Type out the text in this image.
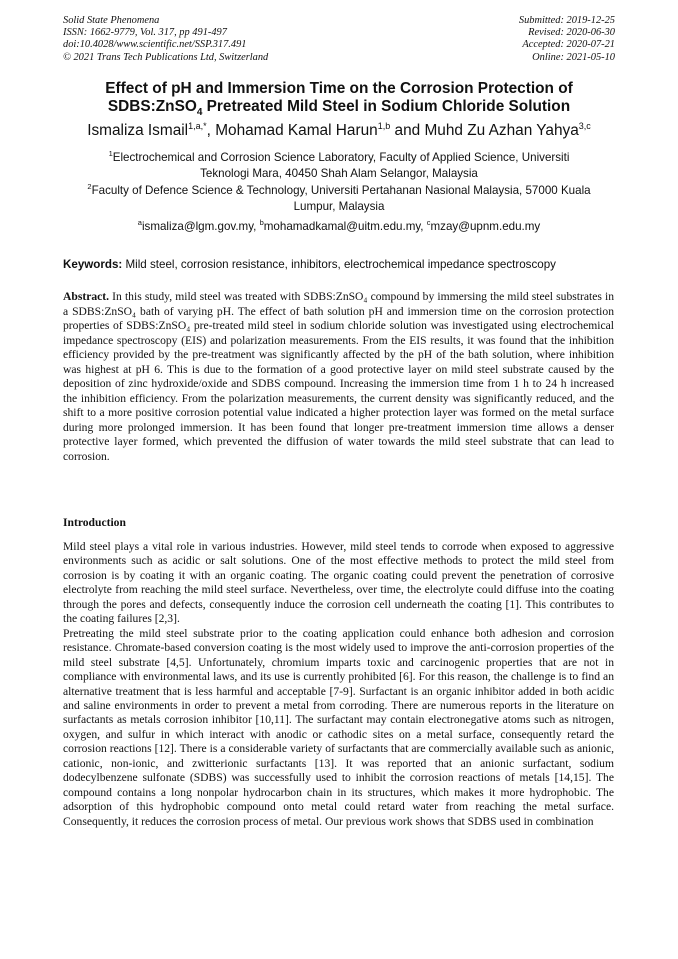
Solid State Phenomena
ISSN: 1662-9779, Vol. 317, pp 491-497
doi:10.4028/www.scientific.net/SSP.317.491
© 2021 Trans Tech Publications Ltd, Switzerland
Submitted: 2019-12-25
Revised: 2020-06-30
Accepted: 2020-07-21
Online: 2021-05-10
Effect of pH and Immersion Time on the Corrosion Protection of
SDBS:ZnSO$_4$ Pretreated Mild Steel in Sodium Chloride Solution
Ismaliza Ismail$^{1,a,*}$, Mohamad Kamal Harun$^{1,b}$ and Muhd Zu Azhan Yahya$^{3,c}$
$^1$Electrochemical and Corrosion Science Laboratory, Faculty of Applied Science, Universiti
Teknologi Mara, 40450 Shah Alam Selangor, Malaysia
$^2$Faculty of Defence Science & Technology, Universiti Pertahanan Nasional Malaysia, 57000 Kuala
Lumpur, Malaysia
$^a$ismaliza@lgm.gov.my, $^b$mohamadkamal@uitm.edu.my, $^c$mzay@upnm.edu.my
Keywords: Mild steel, corrosion resistance, inhibitors, electrochemical impedance spectroscopy
Abstract. In this study, mild steel was treated with SDBS:ZnSO₄ compound by immersing the mild steel substrates in a SDBS:ZnSO₄ bath of varying pH. The effect of bath solution pH and immersion time on the corrosion protection properties of SDBS:ZnSO₄ pre-treated mild steel in sodium chloride solution was investigated using electrochemical impedance spectroscopy (EIS) and polarization measurements. From the EIS results, it was found that the inhibition efficiency provided by the pre-treatment was significantly affected by the pH of the bath solution, where inhibition was highest at pH 6. This is due to the formation of a good protective layer on mild steel substrate caused by the deposition of zinc hydroxide/oxide and SDBS compound. Increasing the immersion time from 1 h to 24 h increased the inhibition efficiency. From the polarization measurements, the current density was significantly reduced, and the shift to a more positive corrosion potential value indicated a higher protection layer was formed on the metal surface during more prolonged immersion. It has been found that longer pre-treatment immersion time allows a denser protective layer formed, which prevented the diffusion of water towards the mild steel substrate that can lead to corrosion.
Introduction

Mild steel plays a vital role in various industries. However, mild steel tends to corrode when exposed to aggressive environments such as acidic or salt solutions. One of the most effective methods to protect the mild steel from corrosion is by coating it with an organic coating. The organic coating could prevent the penetration of corrosive electrolyte from reaching the mild steel surface. Nevertheless, over time, the electrolyte could diffuse into the coating through the pores and defects, consequently induce the corrosion cell underneath the coating [1]. This contributes to the coating failures [2,3].

Pretreating the mild steel substrate prior to the coating application could enhance both adhesion and corrosion resistance. Chromate-based conversion coating is the most widely used to improve the anti-corrosion properties of the mild steel substrate [4,5]. Unfortunately, chromium imparts toxic and carcinogenic properties that are not in compliance with environmental laws, and its use is currently prohibited [6]. For this reason, the challenge is to find an alternative treatment that is less harmful and acceptable [7-9]. Surfactant is an organic inhibitor added in both acidic and saline environments in order to prevent a metal from corroding. There are numerous reports in the literature on surfactants as metals corrosion inhibitor [10,11]. The surfactant may contain electronegative atoms such as nitrogen, oxygen, and sulfur in which interact with anodic or cathodic sites on a metal surface, consequently retard the corrosion reactions [12]. There is a considerable variety of surfactants that are commercially available such as anionic, cationic, non-ionic, and zwitterionic surfactants [13]. It was reported that an anionic surfactant, sodium dodecylbenzene sulfonate (SDBS) was successfully used to inhibit the corrosion reactions of metals [14,15]. The compound contains a long nonpolar hydrocarbon chain in its structures, which makes it more hydrophobic. The adsorption of this hydrophobic compound onto metal could retard water from reaching the metal surface. Consequently, it reduces the corrosion process of metal. Our previous work shows that SDBS used in combination
